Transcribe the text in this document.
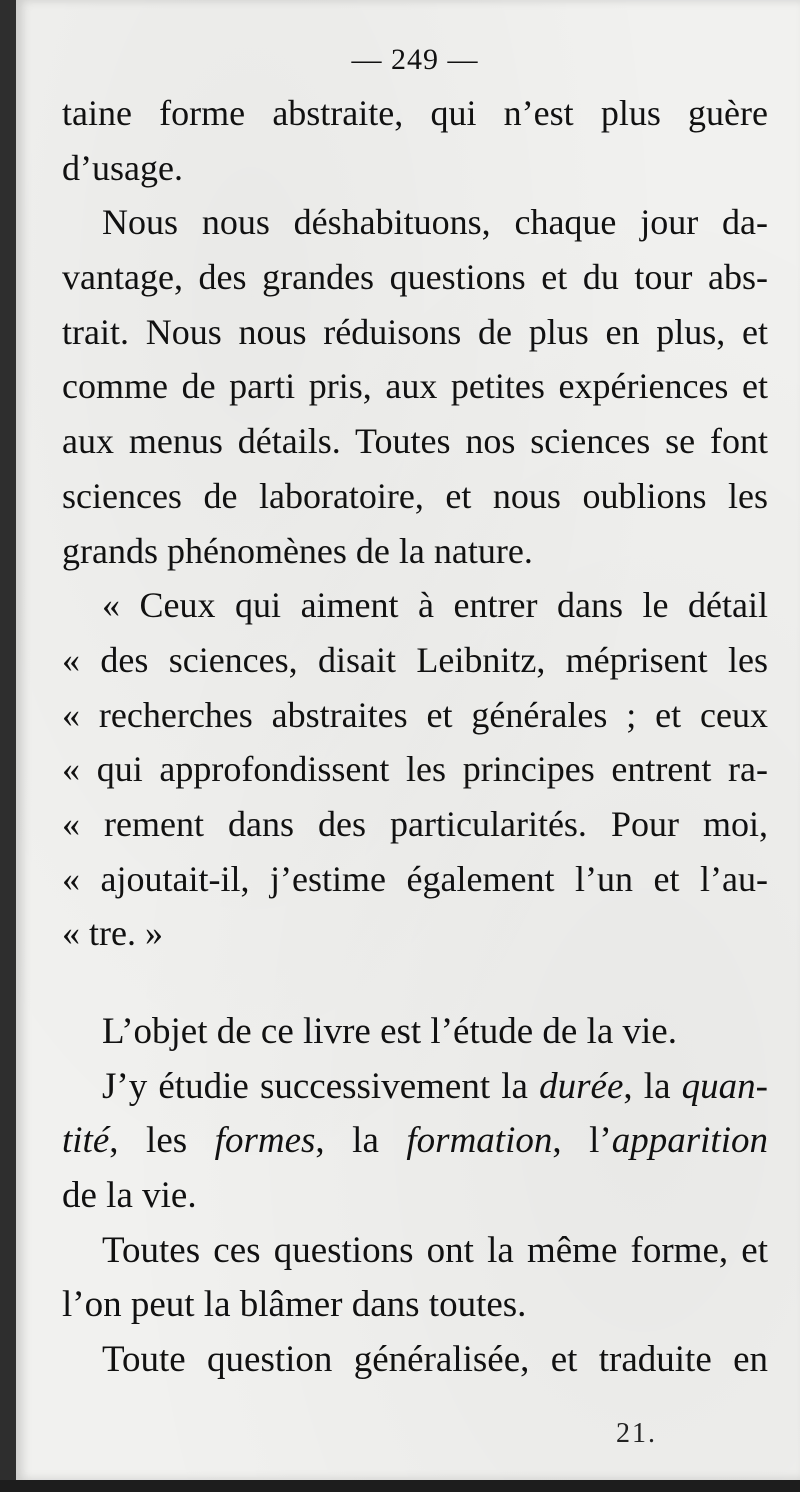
— 249 —
taine forme abstraite, qui n’est plus guère
d’usage.
Nous nous déshabituons, chaque jour da-
vantage, des grandes questions et du tour abs-
trait. Nous nous réduisons de plus en plus, et
comme de parti pris, aux petites expériences et
aux menus détails. Toutes nos sciences se font
sciences de laboratoire, et nous oublions les
grands phénomènes de la nature.
« Ceux qui aiment à entrer dans le détail
« des sciences, disait Leibnitz, méprisent les
« recherches abstraites et générales ; et ceux
« qui approfondissent les principes entrent ra-
« rement dans des particularités. Pour moi,
« ajoutait-il, j’estime également l’un et l’au-
« tre. »
L’objet de ce livre est l’étude de la vie.
J’y étudie successivement la durée, la quan-
tité, les formes, la formation, l’apparition
de la vie.
Toutes ces questions ont la même forme, et
l’on peut la blâmer dans toutes.
Toute question généralisée, et traduite en
21.
